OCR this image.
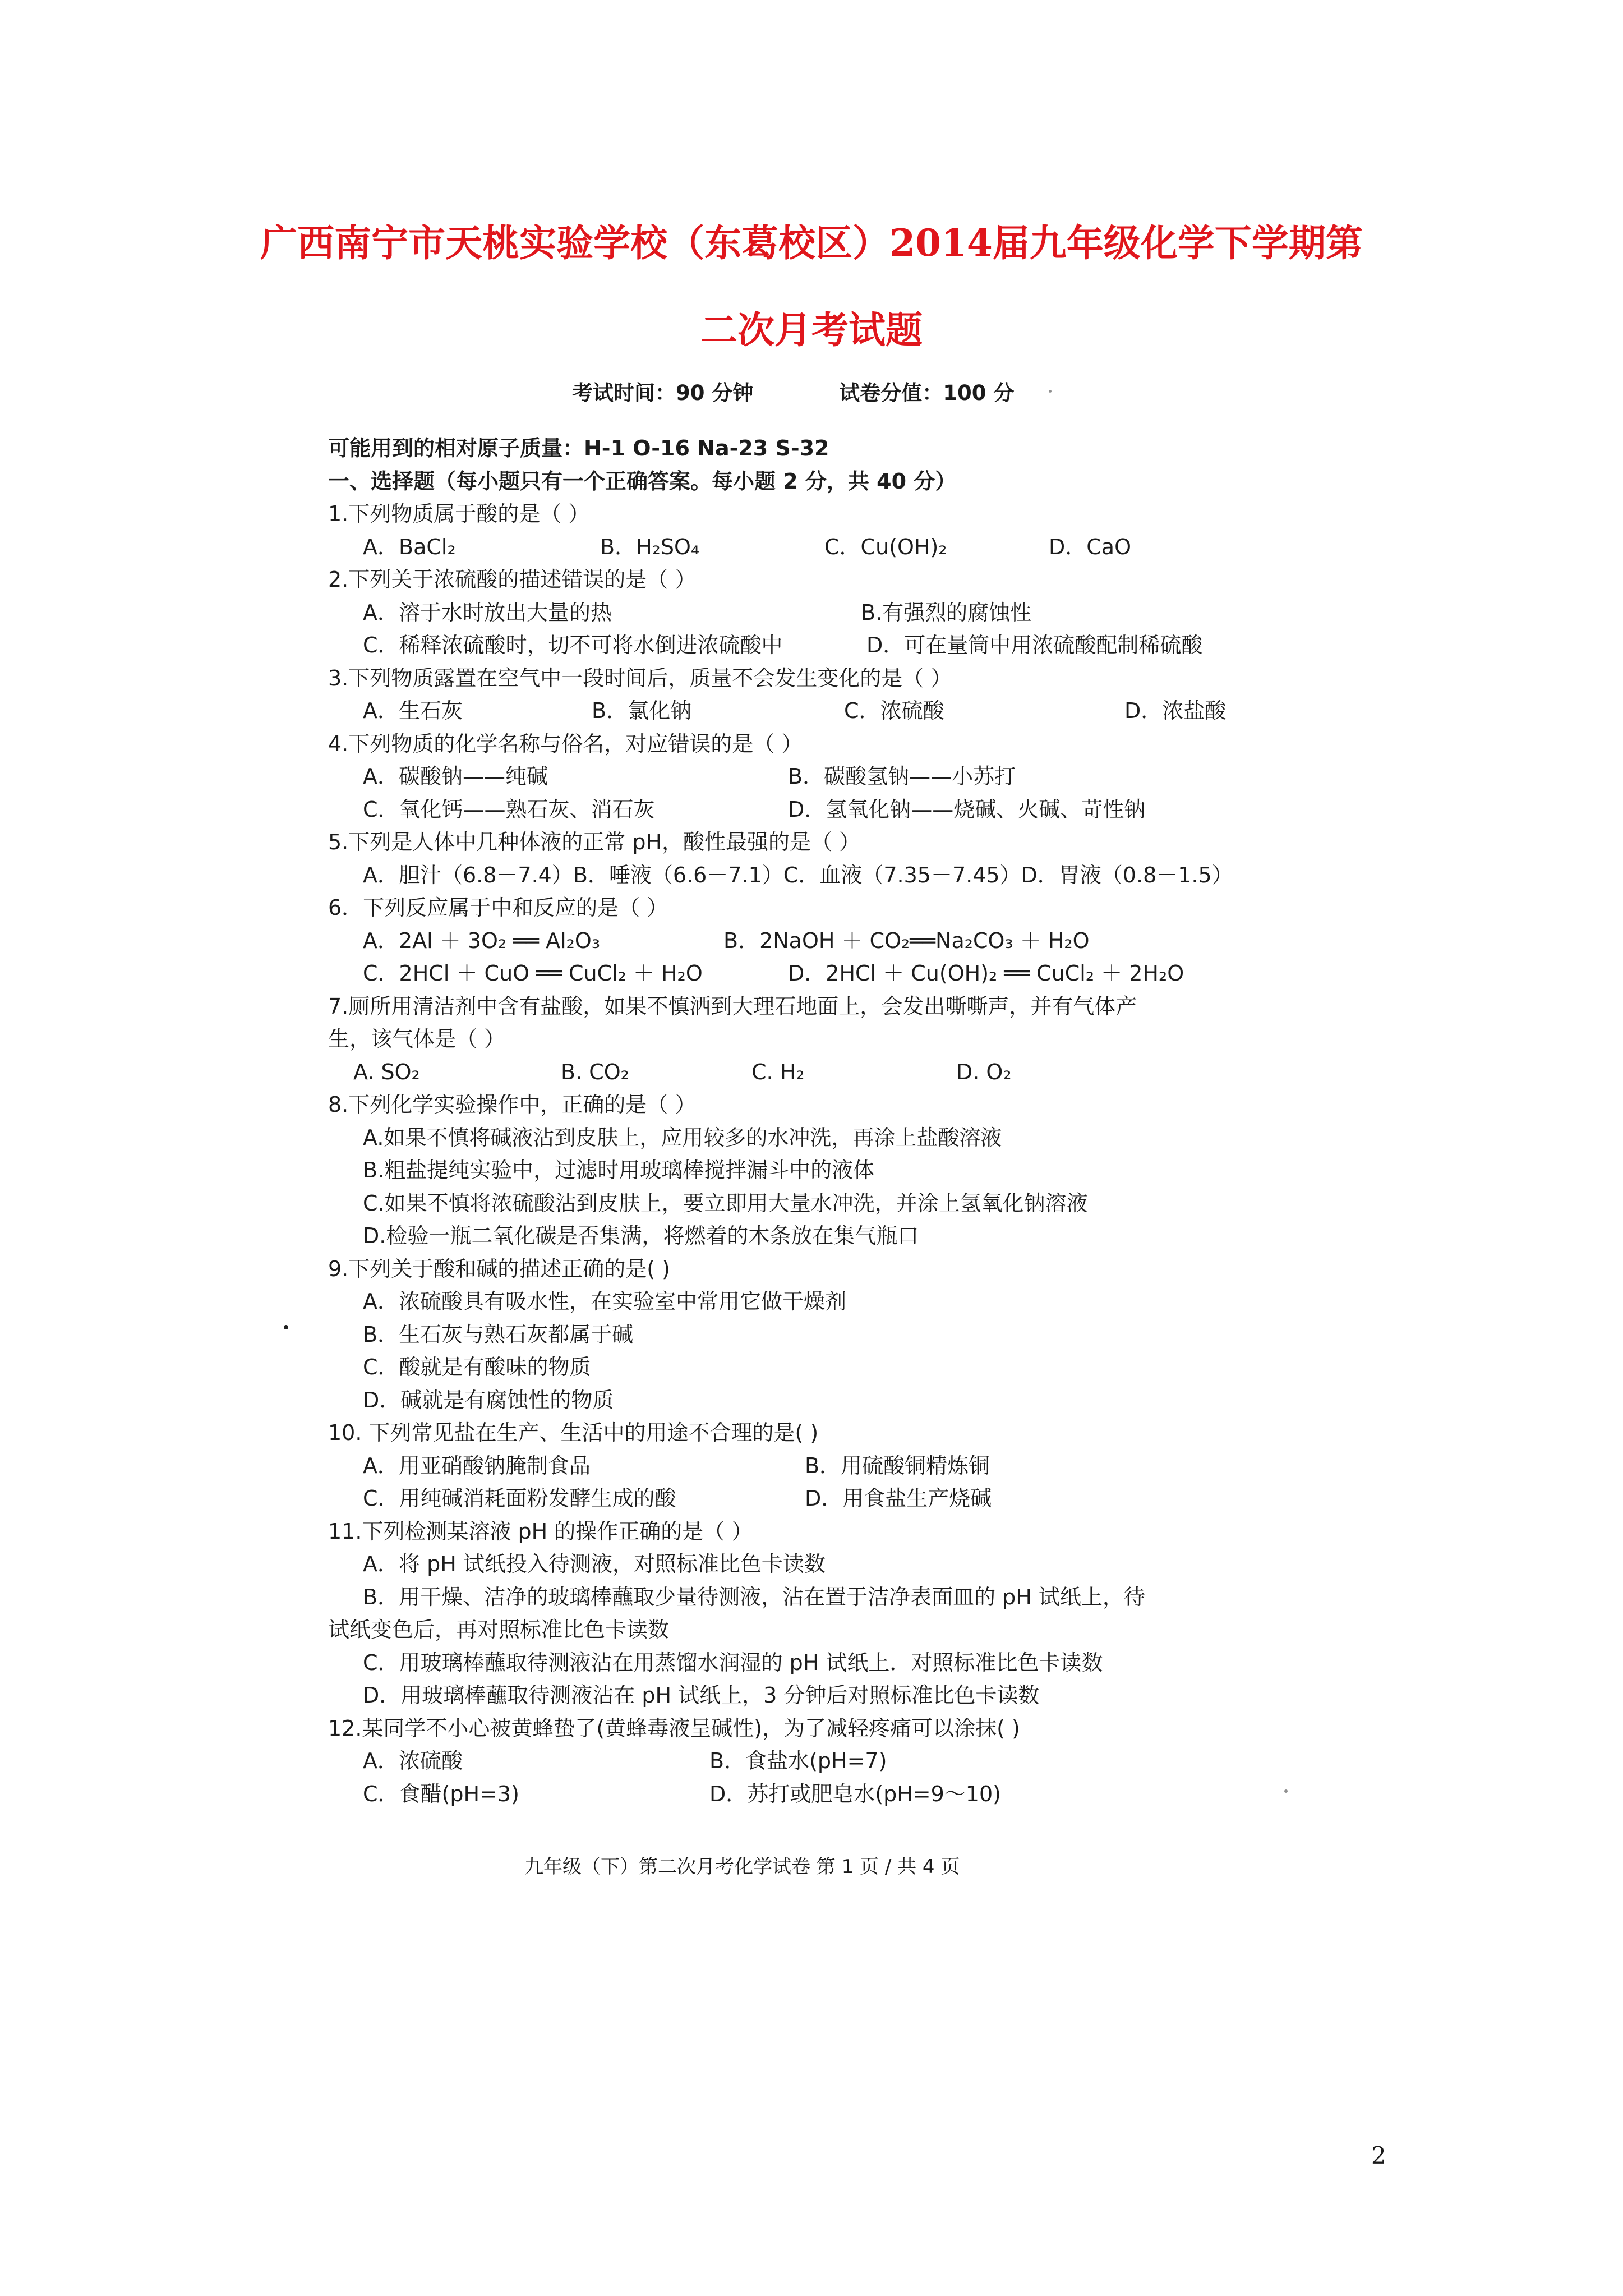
广西南宁市天桃实验学校（东葛校区）2014届九年级化学下学期第
二次月考试题
考试时间：90 分钟	试卷分值：100 分
可能用到的相对原子质量：H-1 O-16 Na-23 S-32
一、选择题（每小题只有一个正确答案。每小题 2 分，共 40 分）
1.下列物质属于酸的是（ ）
A．BaCl₂	B．H₂SO₄	C．Cu(OH)₂	D．CaO
2.下列关于浓硫酸的描述错误的是（ ）
A．溶于水时放出大量的热	B.有强烈的腐蚀性
C．稀释浓硫酸时，切不可将水倒进浓硫酸中	D．可在量筒中用浓硫酸配制稀硫酸
3.下列物质露置在空气中一段时间后，质量不会发生变化的是（ ）
A．生石灰	B．氯化钠	C．浓硫酸	D．浓盐酸
4.下列物质的化学名称与俗名，对应错误的是（ ）
A．碳酸钠——纯碱	B．碳酸氢钠——小苏打
C．氧化钙——熟石灰、消石灰	D．氢氧化钠——烧碱、火碱、苛性钠
5.下列是人体中几种体液的正常 pH，酸性最强的是（ ）
A．胆汁（6.8－7.4）B．唾液（6.6－7.1）C．血液（7.35－7.45）D．胃液（0.8－1.5）
6．下列反应属于中和反应的是（ ）
A．2Al ＋ 3O₂ ══ Al₂O₃	B．2NaOH ＋ CO₂══Na₂CO₃ ＋ H₂O
C．2HCl ＋ CuO ══ CuCl₂ ＋ H₂O	D．2HCl ＋ Cu(OH)₂ ══ CuCl₂ ＋ 2H₂O
7.厕所用清洁剂中含有盐酸，如果不慎洒到大理石地面上，会发出嘶嘶声，并有气体产
生，该气体是（ ）
A. SO₂	B. CO₂	C. H₂	D. O₂
8.下列化学实验操作中，正确的是（ ）
A.如果不慎将碱液沾到皮肤上，应用较多的水冲洗，再涂上盐酸溶液
B.粗盐提纯实验中，过滤时用玻璃棒搅拌漏斗中的液体
C.如果不慎将浓硫酸沾到皮肤上，要立即用大量水冲洗，并涂上氢氧化钠溶液
D.检验一瓶二氧化碳是否集满，将燃着的木条放在集气瓶口
9.下列关于酸和碱的描述正确的是( )
A．浓硫酸具有吸水性，在实验室中常用它做干燥剂
B．生石灰与熟石灰都属于碱
C．酸就是有酸味的物质
D．碱就是有腐蚀性的物质
10. 下列常见盐在生产、生活中的用途不合理的是( )
A．用亚硝酸钠腌制食品	B．用硫酸铜精炼铜
C．用纯碱消耗面粉发酵生成的酸	D．用食盐生产烧碱
11.下列检测某溶液 pH 的操作正确的是（ ）
A．将 pH 试纸投入待测液，对照标准比色卡读数
B．用干燥、洁净的玻璃棒蘸取少量待测液，沾在置于洁净表面皿的 pH 试纸上，待
试纸变色后，再对照标准比色卡读数
C．用玻璃棒蘸取待测液沾在用蒸馏水润湿的 pH 试纸上．对照标准比色卡读数
D．用玻璃棒蘸取待测液沾在 pH 试纸上，3 分钟后对照标准比色卡读数
12.某同学不小心被黄蜂蛰了(黄蜂毒液呈碱性)，为了减轻疼痛可以涂抹( )
A．浓硫酸	B．食盐水(pH=7)
C．食醋(pH=3)	D．苏打或肥皂水(pH=9～10)
九年级（下）第二次月考化学试卷 第 1 页 / 共 4 页
2
